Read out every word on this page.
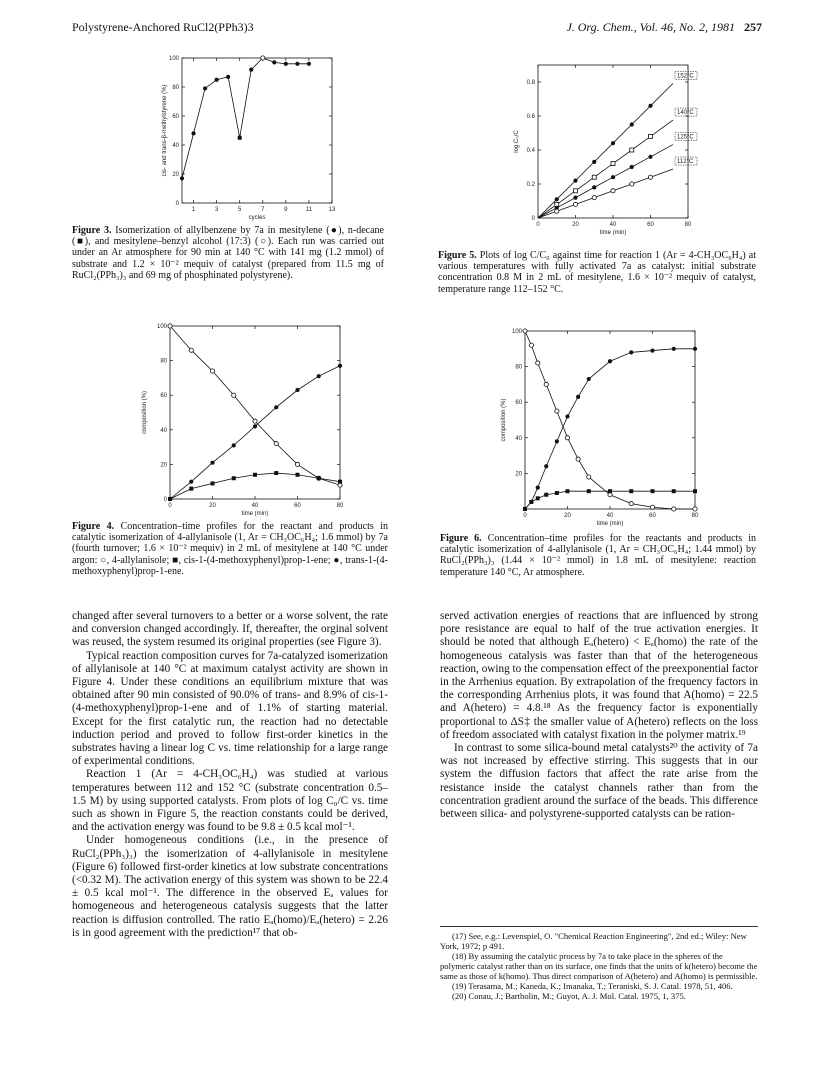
Polystyrene-Anchored RuCl2(PPh3)3	J. Org. Chem., Vol. 46, No. 2, 1981 257
1	3	5	7	9	11	13
0
20
40
60
80
100
cycles
cis- and trans-β-methylstyrene (%)
Figure 3. Isomerization of allylbenzene by 7a in mesitylene (●), n-decane (■), and mesitylene–benzyl alcohol (17:3) (○). Each run was carried out under an Ar atmosphere for 90 min at 140 °C with 141 mg (1.2 mmol) of substrate and 1.2 × 10⁻² mequiv of catalyst (prepared from 11.5 mg of RuCl₂(PPh₃)₃ and 69 mg of phosphinated polystyrene).
0	20	40	60	80
0
0.2
0.4
0.6
0.8
time (min)
log C₀/C
152°C
140°C
125°C
112°C
Figure 5. Plots of log C/C₀ against time for reaction 1 (Ar = 4-CH₃OC₆H₄) at various temperatures with fully activated 7a as catalyst: initial substrate concentration 0.8 M in 2 mL of mesitylene, 1.6 × 10⁻² mequiv of catalyst, temperature range 112–152 °C.
0	20	40	60	80
0
20
40
60
80
100
time (min)
composition (%)
Figure 4. Concentration–time profiles for the reactant and products in catalytic isomerization of 4-allylanisole (1, Ar = CH₃OC₆H₄; 1.6 mmol) by 7a (fourth turnover; 1.6 × 10⁻² mequiv) in 2 mL of mesitylene at 140 °C under argon: ○, 4-allylanisole; ■, cis-1-(4-methoxyphenyl)prop-1-ene; ●, trans-1-(4-methoxyphenyl)prop-1-ene.
0	20	40	60	80
20
40
60
80
100
time (min)
composition (%)
Figure 6. Concentration–time profiles for the reactants and products in catalytic isomerization of 4-allylanisole (1, Ar = CH₃OC₆H₄; 1.44 mmol) by RuCl₂(PPh₃)₃ (1.44 × 10⁻² mmol) in 1.8 mL of mesitylene: reaction temperature 140 °C, Ar atmosphere.

changed after several turnovers to a better or a worse solvent, the rate and conversion changed accordingly. If, thereafter, the orginal solvent was reused, the system resumed its original properties (see Figure 3).

Typical reaction composition curves for 7a-catalyzed isomerization of allylanisole at 140 °C at maximum catalyst activity are shown in Figure 4. Under these conditions an equilibrium mixture that was obtained after 90 min consisted of 90.0% of trans- and 8.9% of cis-1-(4-methoxyphenyl)prop-1-ene and of 1.1% of starting material. Except for the first catalytic run, the reaction had no detectable induction period and proved to follow first-order kinetics in the substrates having a linear log C vs. time relationship for a large range of experimental conditions.

Reaction 1 (Ar = 4-CH₃OC₆H₄) was studied at various temperatures between 112 and 152 °C (substrate concentration 0.5–1.5 M) by using supported catalysts. From plots of log C₀/C vs. time such as shown in Figure 5, the reaction constants could be derived, and the activation energy was found to be 9.8 ± 0.5 kcal mol⁻¹.

Under homogeneous conditions (i.e., in the presence of RuCl₂(PPh₃)₃) the isomerization of 4-allylanisole in mesitylene (Figure 6) followed first-order kinetics at low substrate concentrations (<0.32 M). The activation energy of this system was shown to be 22.4 ± 0.5 kcal mol⁻¹. The difference in the observed Eₐ values for homogeneous and heterogeneous catalysis suggests that the latter reaction is diffusion controlled. The ratio Eₐ(homo)/Eₐ(hetero) = 2.26 is in good agreement with the prediction¹⁷ that ob-

served activation energies of reactions that are influenced by strong pore resistance are equal to half of the true activation energies. It should be noted that although Eₐ(hetero) < Eₐ(homo) the rate of the homogeneous catalysis was faster than that of the heterogeneous reaction, owing to the compensation effect of the preexponential factor in the Arrhenius equation. By extrapolation of the frequency factors in the corresponding Arrhenius plots, it was found that A(homo) = 22.5 and A(hetero) = 4.8.¹⁸ As the frequency factor is exponentially proportional to ΔS‡ the smaller value of A(hetero) reflects on the loss of freedom associated with catalyst fixation in the polymer matrix.¹⁹

In contrast to some silica-bound metal catalysts²⁰ the activity of 7a was not increased by effective stirring. This suggests that in our system the diffusion factors that affect the rate arise from the resistance inside the catalyst channels rather than from the concentration gradient around the surface of the beads. This difference between silica- and polystyrene-supported catalysts can be ration-

(17) See, e.g.: Levenspiel, O. "Chemical Reaction Engineering", 2nd ed.; Wiley: New York, 1972; p 491.

(18) By assuming the catalytic process by 7a to take place in the spheres of the polymeric catalyst rather than on its surface, one finds that the units of k(hetero) become the same as those of k(homo). Thus direct comparison of A(hetero) and A(homo) is permissible.

(19) Terasama, M.; Kaneda, K.; Imanaka, T.; Teraniski, S. J. Catal. 1978, 51, 406.

(20) Conau, J.; Bartholin, M.; Guyot, A. J. Mol. Catal. 1975, 1, 375.
